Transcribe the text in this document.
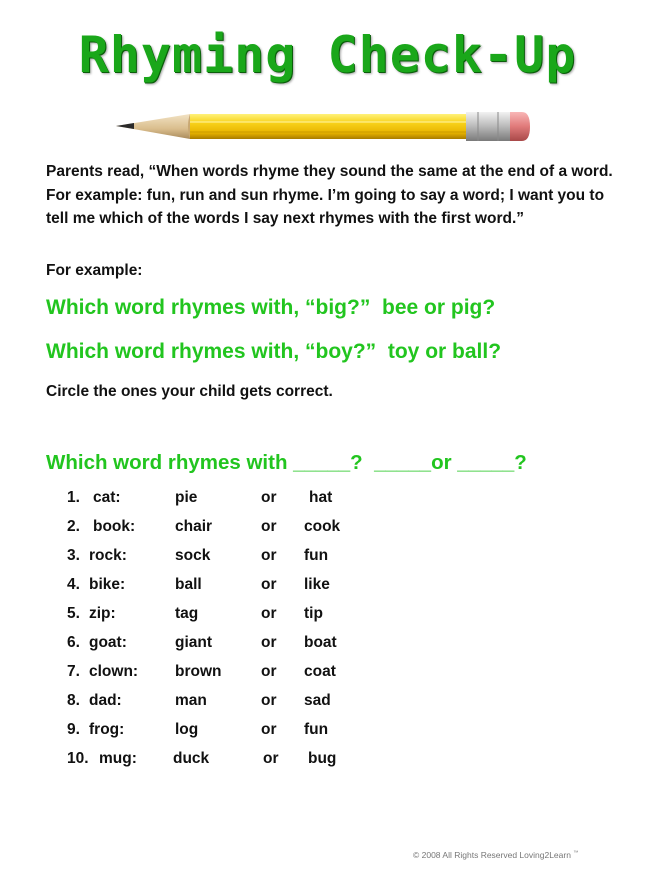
Rhyming Check-Up
Parents read, “When words rhyme they sound the same at the end of a word. For example: fun, run and sun rhyme. I’m going to say a word; I want you to tell me which of the words I say next rhymes with the first word.”
For example:
Which word rhymes with, “big?”  bee or pig?
Which word rhymes with, “boy?”  toy or ball?
Circle the ones your child gets correct.
Which word rhymes with _____?  _____or _____?
1. cat:	pie	or hat
2. book:	chair	or cook
3. rock:	sock	or fun
4. bike:	ball	or like
5. zip:	tag	or tip
6. goat:	giant	or boat
7. clown: brown	or coat
8. dad:	man	or sad
9. frog:	log	or fun
10. mug: duck	or bug
© 2008 All Rights Reserved Loving2Learn ™
